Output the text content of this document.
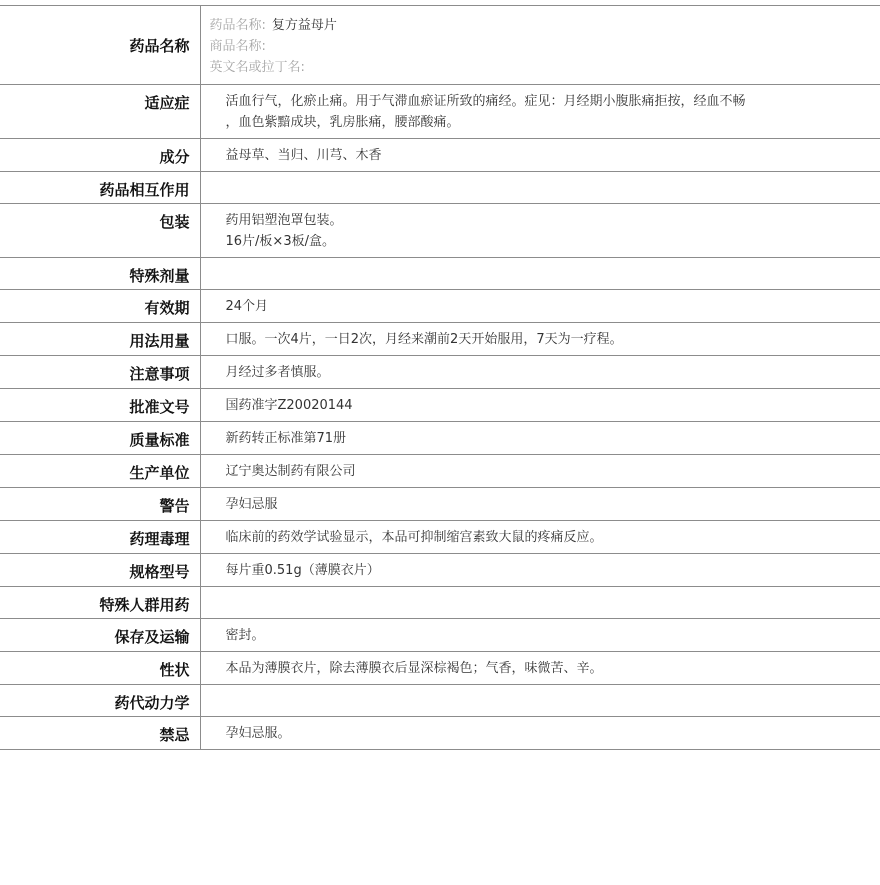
药品名称	药品名称: 复方益母片
商品名称:
英文名或拉丁名:

适应症	活血行气，化瘀止痛。用于气滞血瘀证所致的痛经。症见：月经期小腹胀痛拒按，经血不畅
，血色紫黯成块，乳房胀痛，腰部酸痛。

成分	益母草、当归、川芎、木香

药品相互作用	
包装	药用铝塑泡罩包装。
16片/板×3板/盒。

特殊剂量	
有效期	24个月

用法用量	口服。一次4片，一日2次，月经来潮前2天开始服用，7天为一疗程。

注意事项	月经过多者慎服。

批准文号	国药准字Z20020144

质量标准	新药转正标准第71册

生产单位	辽宁奥达制药有限公司

警告	孕妇忌服

药理毒理	临床前的药效学试验显示，本品可抑制缩宫素致大鼠的疼痛反应。

规格型号	每片重0.51g（薄膜衣片）

特殊人群用药	
保存及运输	密封。

性状	本品为薄膜衣片，除去薄膜衣后显深棕褐色；气香，味微苦、辛。

药代动力学	
禁忌	孕妇忌服。
